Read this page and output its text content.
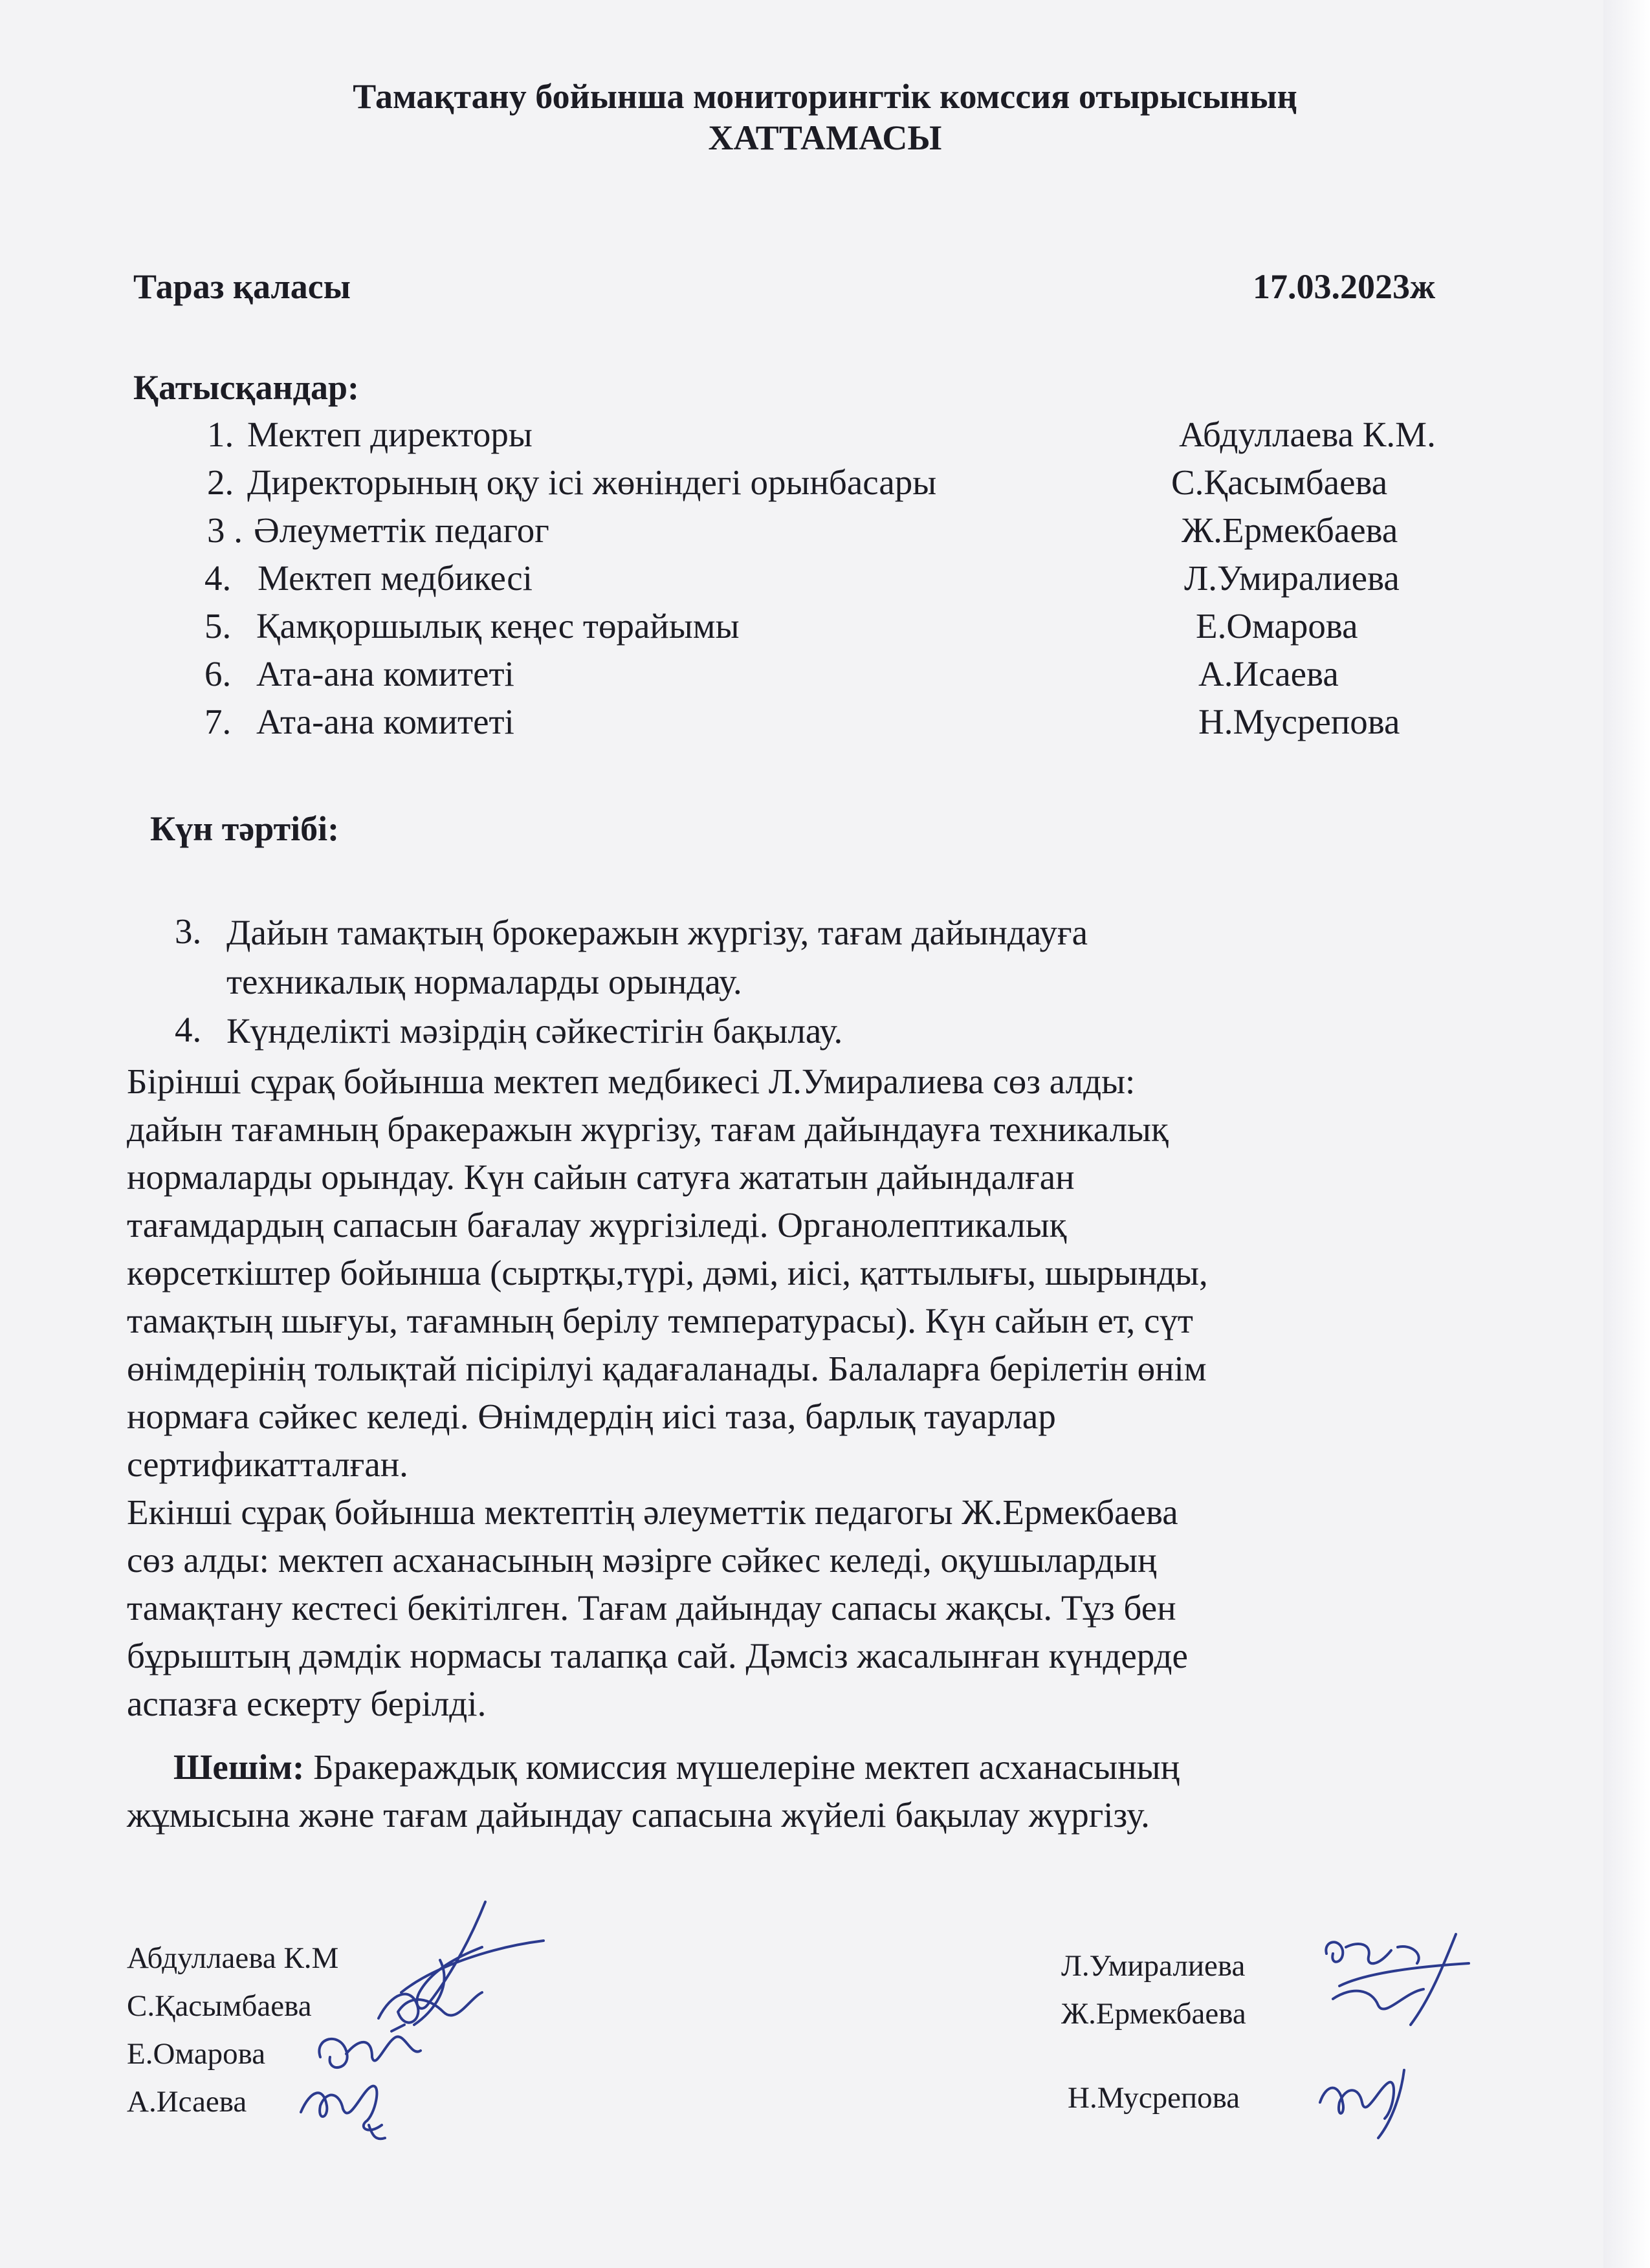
Тамақтану бойынша мониторингтік комссия отырысының
ХАТТАМАСЫ

Тараз қаласы	17.03.2023ж

Қатысқандар:

1. Мектеп директоры	Абдуллаева К.М.
2. Директорының оқу ісі жөніндегі орынбасары	С.Қасымбаева
3 . Әлеуметтік педагог	Ж.Ермекбаева
4. Мектеп медбикесі	Л.Умиралиева
5. Қамқоршылық кеңес төрайымы	Е.Омарова
6. Ата-ана комитеті	А.Исаева
7. Ата-ана комитеті	Н.Мусрепова

Күн тәртібі:

3. Дайын тамақтың брокеражын жүргізу, тағам дайындауға
техникалық нормаларды орындау.
4. Күнделікті мәзірдің сәйкестігін бақылау.
Бірінші сұрақ бойынша мектеп медбикесі Л.Умиралиева сөз алды:
дайын тағамның бракеражын жүргізу, тағам дайындауға техникалық
нормаларды орындау. Күн сайын сатуға жататын дайындалған
тағамдардың сапасын бағалау жүргізіледі. Органолептикалық
көрсеткіштер бойынша (сыртқы,түрі, дәмі, иісі, қаттылығы, шырынды,
тамақтың шығуы, тағамның берілу температурасы). Күн сайын ет, сүт
өнімдерінің толықтай пісірілуі қадағаланады. Балаларға берілетін өнім
нормаға сәйкес келеді. Өнімдердің иісі таза, барлық тауарлар
сертификатталған.
Екінші сұрақ бойынша мектептің әлеуметтік педагогы Ж.Ермекбаева
сөз алды: мектеп асханасының мәзірге сәйкес келеді, оқушылардың
тамақтану кестесі бекітілген. Тағам дайындау сапасы жақсы. Тұз бен
бұрыштың дәмдік нормасы талапқа сай. Дәмсіз жасалынған күндерде
аспазға ескерту берілді.
Шешім: Бракераждық комиссия мүшелеріне мектеп асханасының
жұмысына және тағам дайындау сапасына жүйелі бақылау жүргізу.
Абдуллаева К.М
С.Қасымбаева
Е.Омарова
А.Исаева
Л.Умиралиева
Ж.Ермекбаева
Н.Мусрепова
